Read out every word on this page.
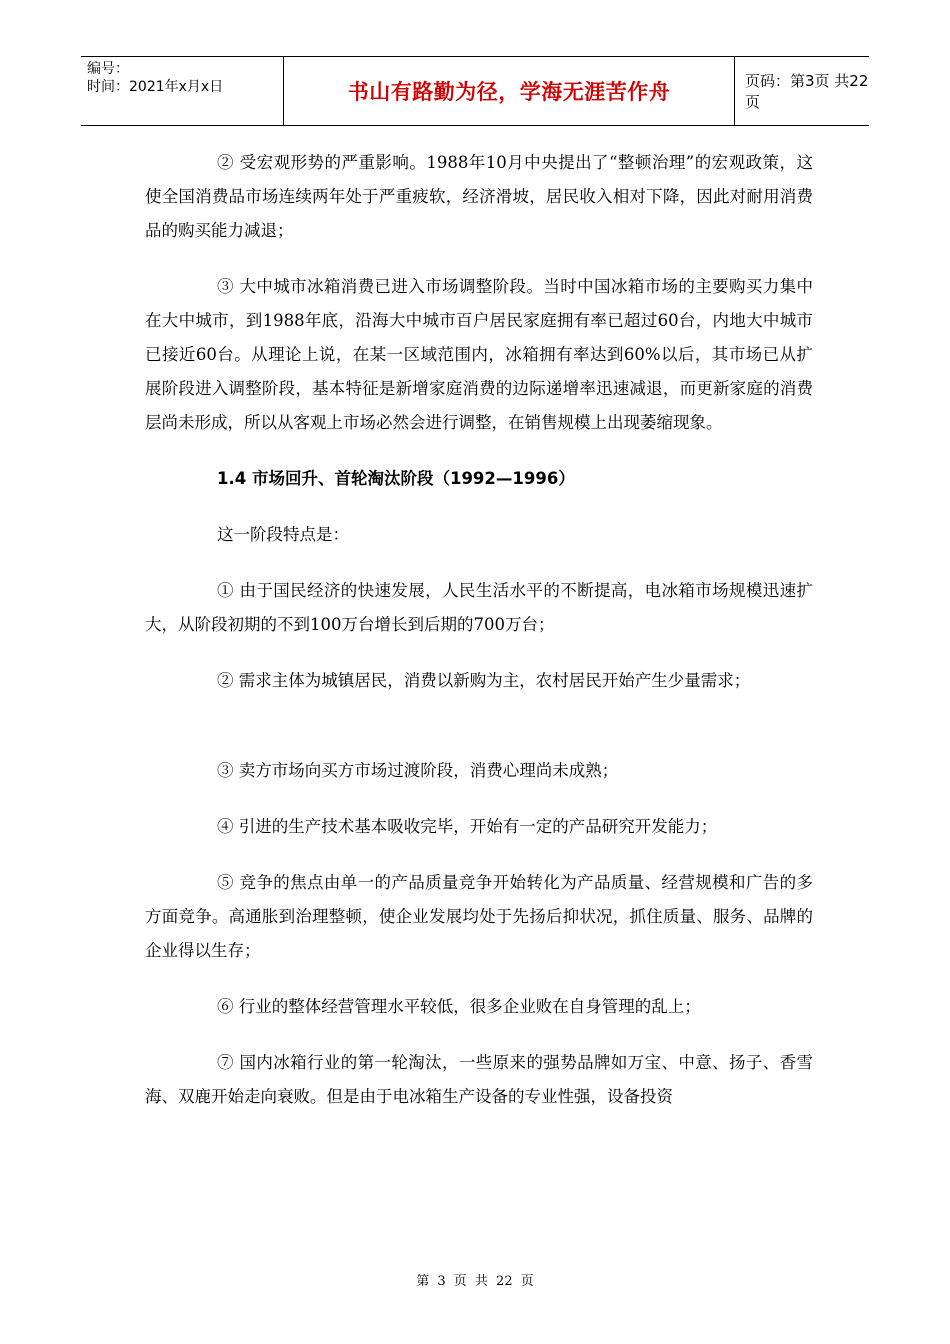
编号：
时间：2021年x月x日	书山有路勤为径，学海无涯苦作舟	页码：第3页 共22页

② 受宏观形势的严重影响。1988年10月中央提出了“整顿治理”的宏观政策，这使全国消费品市场连续两年处于严重疲软，经济滑坡，居民收入相对下降，因此对耐用消费品的购买能力减退；

③ 大中城市冰箱消费已进入市场调整阶段。当时中国冰箱市场的主要购买力集中在大中城市，到1988年底，沿海大中城市百户居民家庭拥有率已超过60台，内地大中城市已接近60台。从理论上说，在某一区域范围内，冰箱拥有率达到60%以后，其市场已从扩展阶段进入调整阶段，基本特征是新增家庭消费的边际递增率迅速减退，而更新家庭的消费层尚未形成，所以从客观上市场必然会进行调整，在销售规模上出现萎缩现象。

1.4 市场回升、首轮淘汰阶段（1992—1996）

这一阶段特点是：

① 由于国民经济的快速发展，人民生活水平的不断提高，电冰箱市场规模迅速扩大，从阶段初期的不到100万台增长到后期的700万台；

② 需求主体为城镇居民，消费以新购为主，农村居民开始产生少量需求；

③ 卖方市场向买方市场过渡阶段，消费心理尚未成熟；

④ 引进的生产技术基本吸收完毕，开始有一定的产品研究开发能力；

⑤ 竞争的焦点由单一的产品质量竞争开始转化为产品质量、经营规模和广告的多方面竞争。高通胀到治理整顿，使企业发展均处于先扬后抑状况，抓住质量、服务、品牌的企业得以生存；

⑥ 行业的整体经营管理水平较低，很多企业败在自身管理的乱上；

⑦ 国内冰箱行业的第一轮淘汰，一些原来的强势品牌如万宝、中意、扬子、香雪海、双鹿开始走向衰败。但是由于电冰箱生产设备的专业性强，设备投资

第 3 页 共 22 页
